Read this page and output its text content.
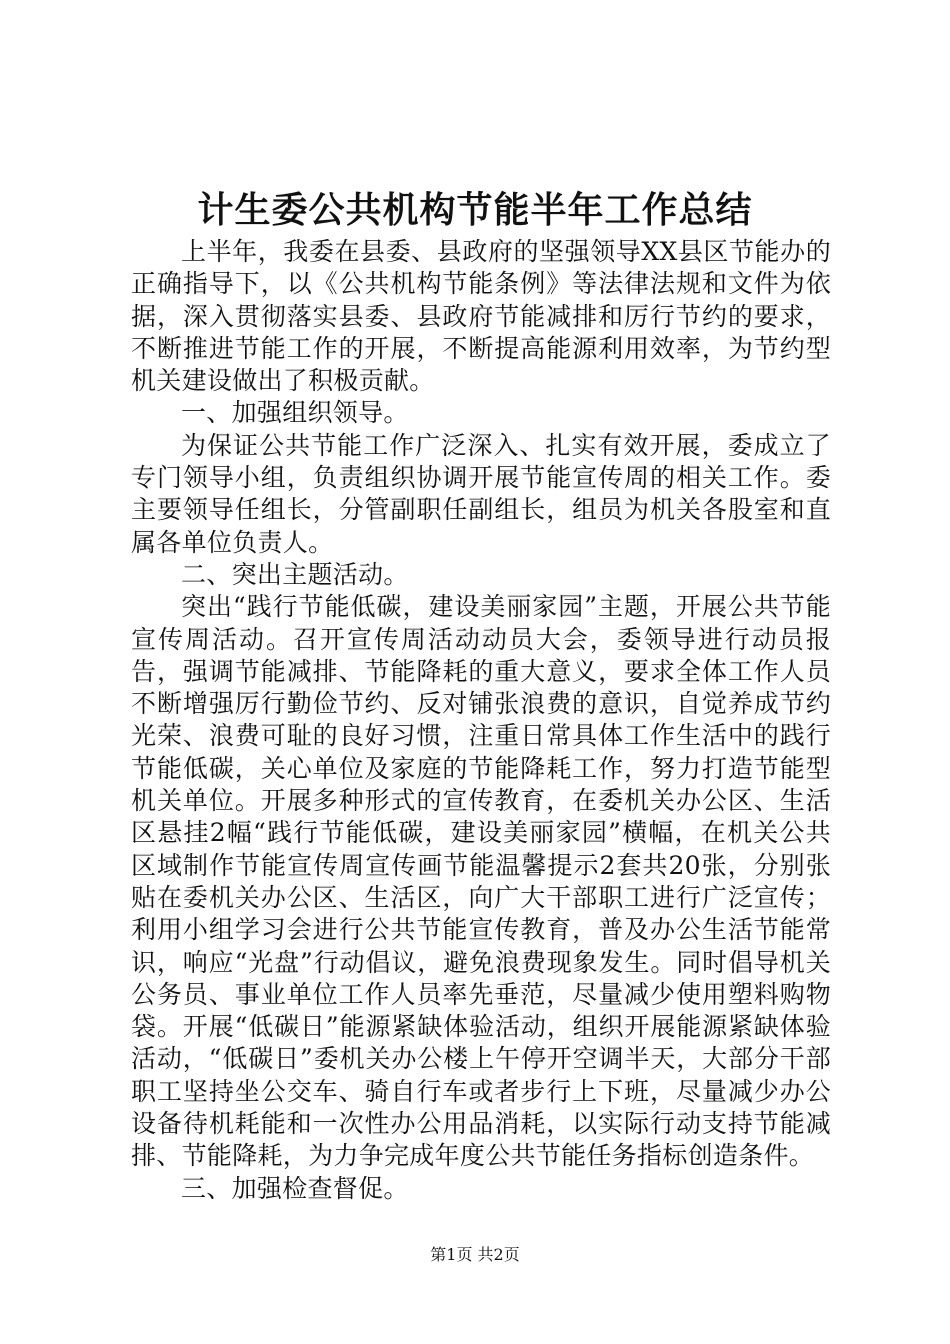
计生委公共机构节能半年工作总结

上半年，我委在县委、县政府的坚强领导XX县区节能办的正确指导下，以《公共机构节能条例》等法律法规和文件为依据，深入贯彻落实县委、县政府节能减排和厉行节约的要求，不断推进节能工作的开展，不断提高能源利用效率，为节约型机关建设做出了积极贡献。

一、加强组织领导。

为保证公共节能工作广泛深入、扎实有效开展，委成立了专门领导小组，负责组织协调开展节能宣传周的相关工作。委主要领导任组长，分管副职任副组长，组员为机关各股室和直属各单位负责人。

二、突出主题活动。

突出“践行节能低碳，建设美丽家园”主题，开展公共节能宣传周活动。召开宣传周活动动员大会，委领导进行动员报告，强调节能减排、节能降耗的重大意义，要求全体工作人员不断增强厉行勤俭节约、反对铺张浪费的意识，自觉养成节约光荣、浪费可耻的良好习惯，注重日常具体工作生活中的践行节能低碳，关心单位及家庭的节能降耗工作，努力打造节能型机关单位。开展多种形式的宣传教育，在委机关办公区、生活区悬挂2幅“践行节能低碳，建设美丽家园”横幅，在机关公共区域制作节能宣传周宣传画节能温馨提示2套共20张，分别张贴在委机关办公区、生活区，向广大干部职工进行广泛宣传；利用小组学习会进行公共节能宣传教育，普及办公生活节能常识，响应“光盘”行动倡议，避免浪费现象发生。同时倡导机关公务员、事业单位工作人员率先垂范，尽量减少使用塑料购物袋。开展“低碳日”能源紧缺体验活动，组织开展能源紧缺体验活动，“低碳日”委机关办公楼上午停开空调半天，大部分干部职工坚持坐公交车、骑自行车或者步行上下班，尽量减少办公设备待机耗能和一次性办公用品消耗，以实际行动支持节能减排、节能降耗，为力争完成年度公共节能任务指标创造条件。

三、加强检查督促。

第1页 共2页
